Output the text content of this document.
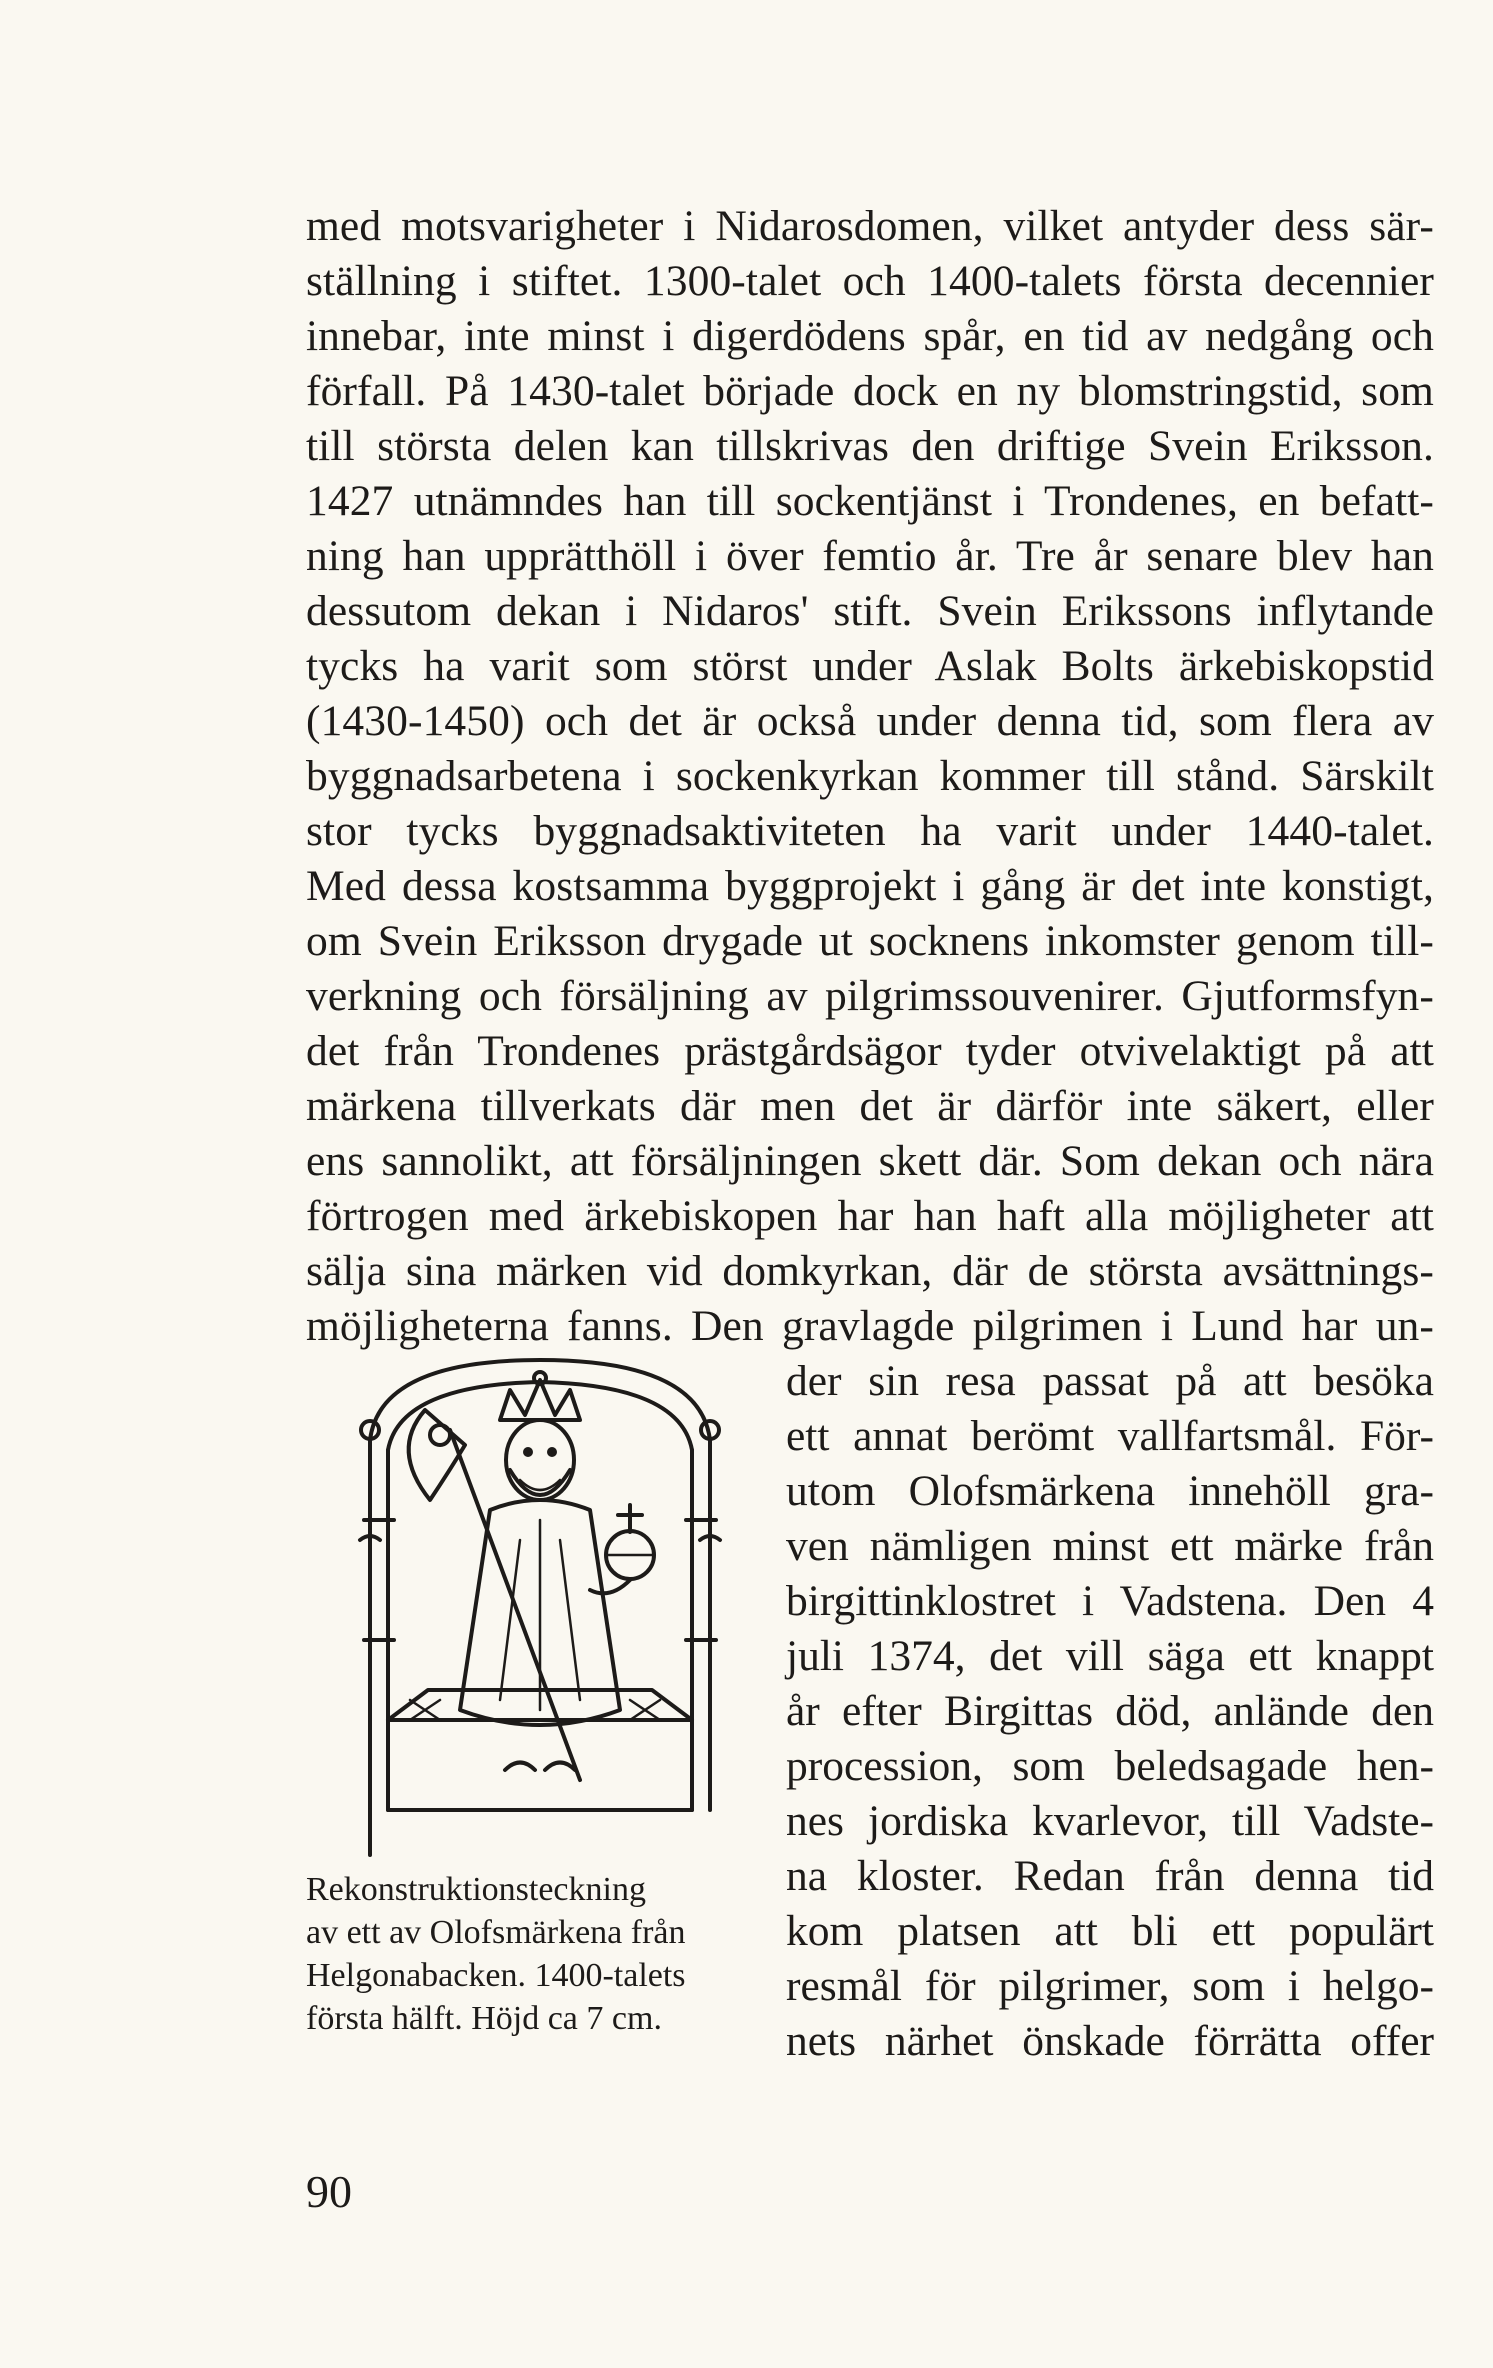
med motsvarigheter i Nidarosdomen, vilket antyder dess sär-
ställning i stiftet. 1300-talet och 1400-talets första decennier
innebar, inte minst i digerdödens spår, en tid av nedgång och
förfall. På 1430-talet började dock en ny blomstringstid, som
till största delen kan tillskrivas den driftige Svein Eriksson.
1427 utnämndes han till sockentjänst i Trondenes, en befatt-
ning han upprätthöll i över femtio år. Tre år senare blev han
dessutom dekan i Nidaros' stift. Svein Erikssons inflytande
tycks ha varit som störst under Aslak Bolts ärkebiskopstid
(1430-1450) och det är också under denna tid, som flera av
byggnadsarbetena i sockenkyrkan kommer till stånd. Särskilt
stor tycks byggnadsaktiviteten ha varit under 1440-talet.
Med dessa kostsamma byggprojekt i gång är det inte konstigt,
om Svein Eriksson drygade ut socknens inkomster genom till-
verkning och försäljning av pilgrimssouvenirer. Gjutformsfyn-
det från Trondenes prästgårdsägor tyder otvivelaktigt på att
märkena tillverkats där men det är därför inte säkert, eller
ens sannolikt, att försäljningen skett där. Som dekan och nära
förtrogen med ärkebiskopen har han haft alla möjligheter att
sälja sina märken vid domkyrkan, där de största avsättnings-
möjligheterna fanns. Den gravlagde pilgrimen i Lund har un-
der sin resa passat på att besöka
ett annat berömt vallfartsmål. För-
utom Olofsmärkena innehöll gra-
ven nämligen minst ett märke från
birgittinklostret i Vadstena. Den 4
juli 1374, det vill säga ett knappt
år efter Birgittas död, anlände den
procession, som beledsagade hen-
nes jordiska kvarlevor, till Vadste-
na kloster. Redan från denna tid
kom platsen att bli ett populärt
resmål för pilgrimer, som i helgo-
nets närhet önskade förrätta offer
Rekonstruktionsteckning
av ett av Olofsmärkena från
Helgonabacken. 1400-talets
första hälft. Höjd ca 7 cm.
90
